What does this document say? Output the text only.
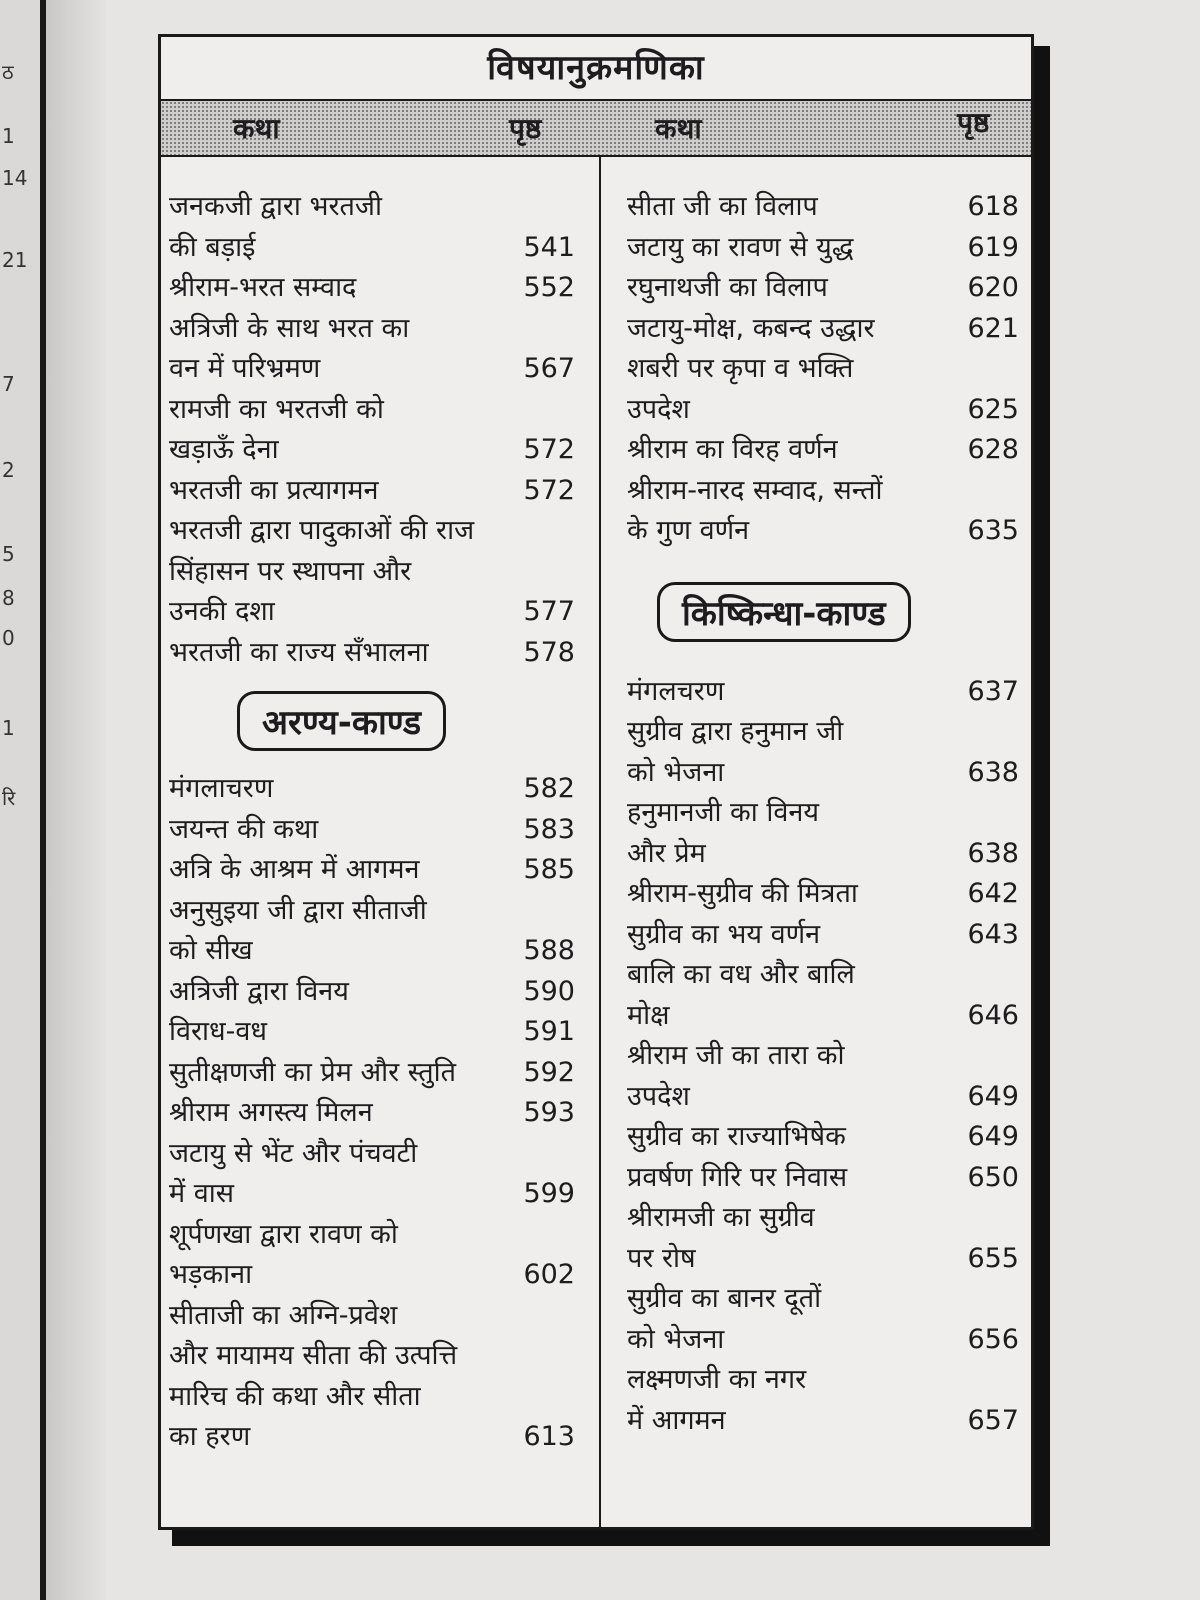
ठ
1
14
21
7
2
5
8
0
1
रि
विषयानुक्रमणिका
कथा	पृष्ठ	कथा	पृष्ठ
जनकजी द्वारा भरतजी
की बड़ाई	541
श्रीराम-भरत सम्वाद	552
अत्रिजी के साथ भरत का
वन में परिभ्रमण	567
रामजी का भरतजी को
खड़ाऊँ देना	572
भरतजी का प्रत्यागमन	572
भरतजी द्वारा पादुकाओं की राज
सिंहासन पर स्थापना और
उनकी दशा	577
भरतजी का राज्य सँभालना	578
अरण्य-काण्ड
मंगलाचरण	582
जयन्त की कथा	583
अत्रि के आश्रम में आगमन	585
अनुसुइया जी द्वारा सीताजी
को सीख	588
अत्रिजी द्वारा विनय	590
विराध-वध	591
सुतीक्षणजी का प्रेम और स्तुति 592
श्रीराम अगस्त्य मिलन	593
जटायु से भेंट और पंचवटी
में वास	599
शूर्पणखा द्वारा रावण को
भड़काना	602
सीताजी का अग्नि-प्रवेश
और मायामय सीता की उत्पत्ति
मारिच की कथा और सीता
का हरण	613
सीता जी का विलाप	618
जटायु का रावण से युद्ध	619
रघुनाथजी का विलाप	620
जटायु-मोक्ष, कबन्द उद्धार	621
शबरी पर कृपा व भक्ति
उपदेश	625
श्रीराम का विरह वर्णन	628
श्रीराम-नारद सम्वाद, सन्तों
के गुण वर्णन	635
किष्किन्धा-काण्ड
मंगलचरण	637
सुग्रीव द्वारा हनुमान जी
को भेजना	638
हनुमानजी का विनय
और प्रेम	638
श्रीराम-सुग्रीव की मित्रता	642
सुग्रीव का भय वर्णन	643
बालि का वध और बालि
मोक्ष	646
श्रीराम जी का तारा को
उपदेश	649
सुग्रीव का राज्याभिषेक	649
प्रवर्षण गिरि पर निवास	650
श्रीरामजी का सुग्रीव
पर रोष	655
सुग्रीव का बानर दूतों
को भेजना	656
लक्ष्मणजी का नगर
में आगमन	657
